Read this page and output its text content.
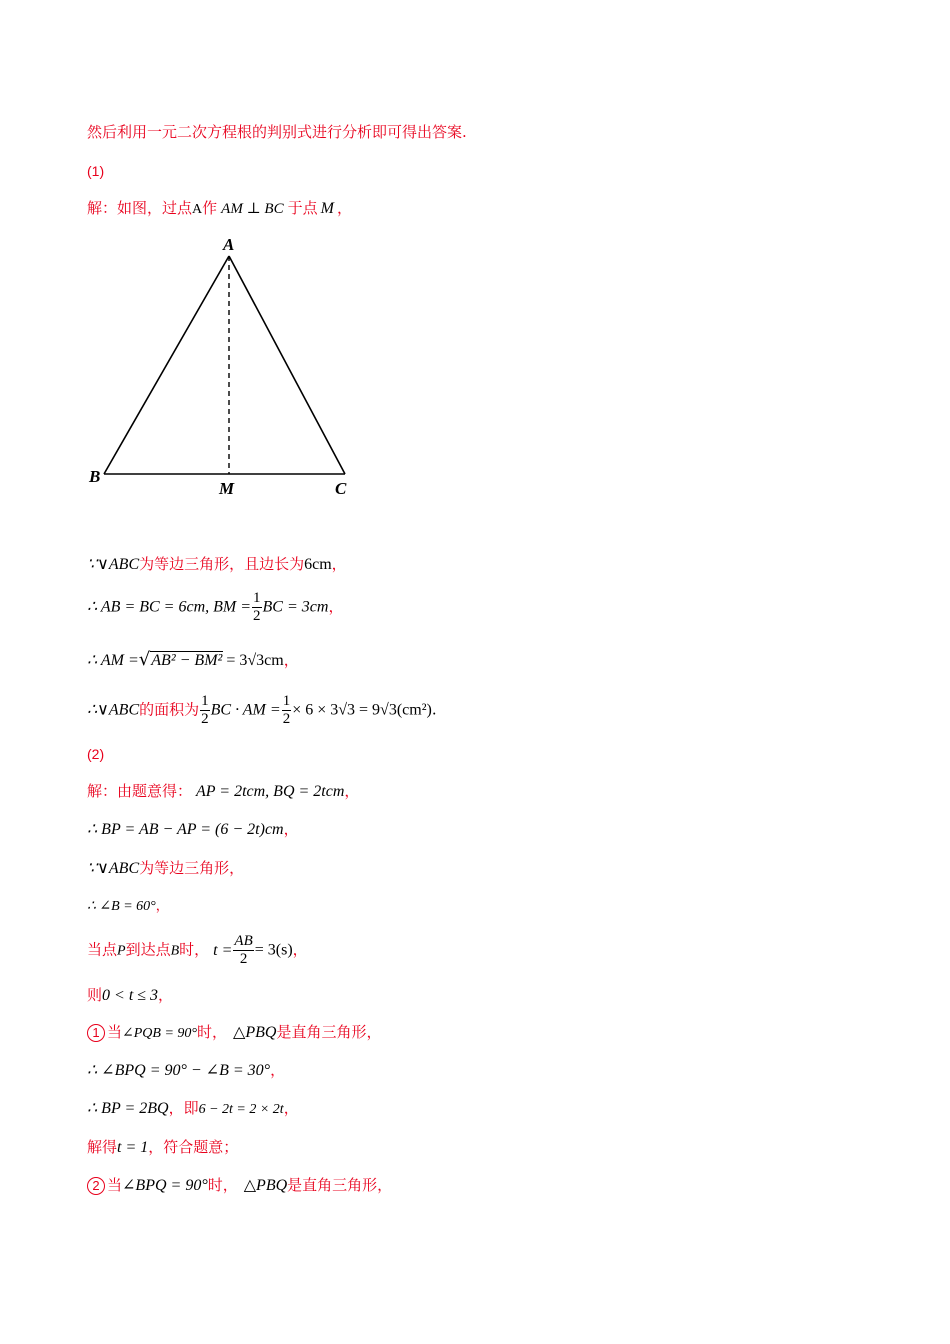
然后利用一元二次方程根的判别式进行分析即可得出答案.
(1)
解：如图，过点A作 AM ⊥ BC 于点 M ，
A
B
M	C
∵∨ABC为等边三角形，且边长为6cm，
∴ AB = BC = 6cm, BM = $\frac{1}{2}$ BC = 3cm，
∴ AM =√AB² − BM² = 3√3cm，
∴∨ABC的面积为 $\frac{1}{2}$ BC · AM = $\frac{1}{2} \times 6 \times 3√3 = 9√3(cm^2)$.
(2)
解：由题意得： AP = 2tcm, BQ = 2tcm，
∴ BP = AB − AP = (6 − 2t)cm，
∵∨ABC为等边三角形，
∴ ∠B = 60°，
当点P到达点B时， $t = \frac{AB}{2} = 3(s)$，
则0 < t ≤ 3，
1 当∠PQB = 90°时， △PBQ是直角三角形，
∴ ∠BPQ = 90° − ∠B = 30°，
∴ BP = 2BQ，即6 − 2t = 2 × 2t，
解得t = 1，符合题意；
2 当∠BPQ = 90°时， △PBQ是直角三角形，
